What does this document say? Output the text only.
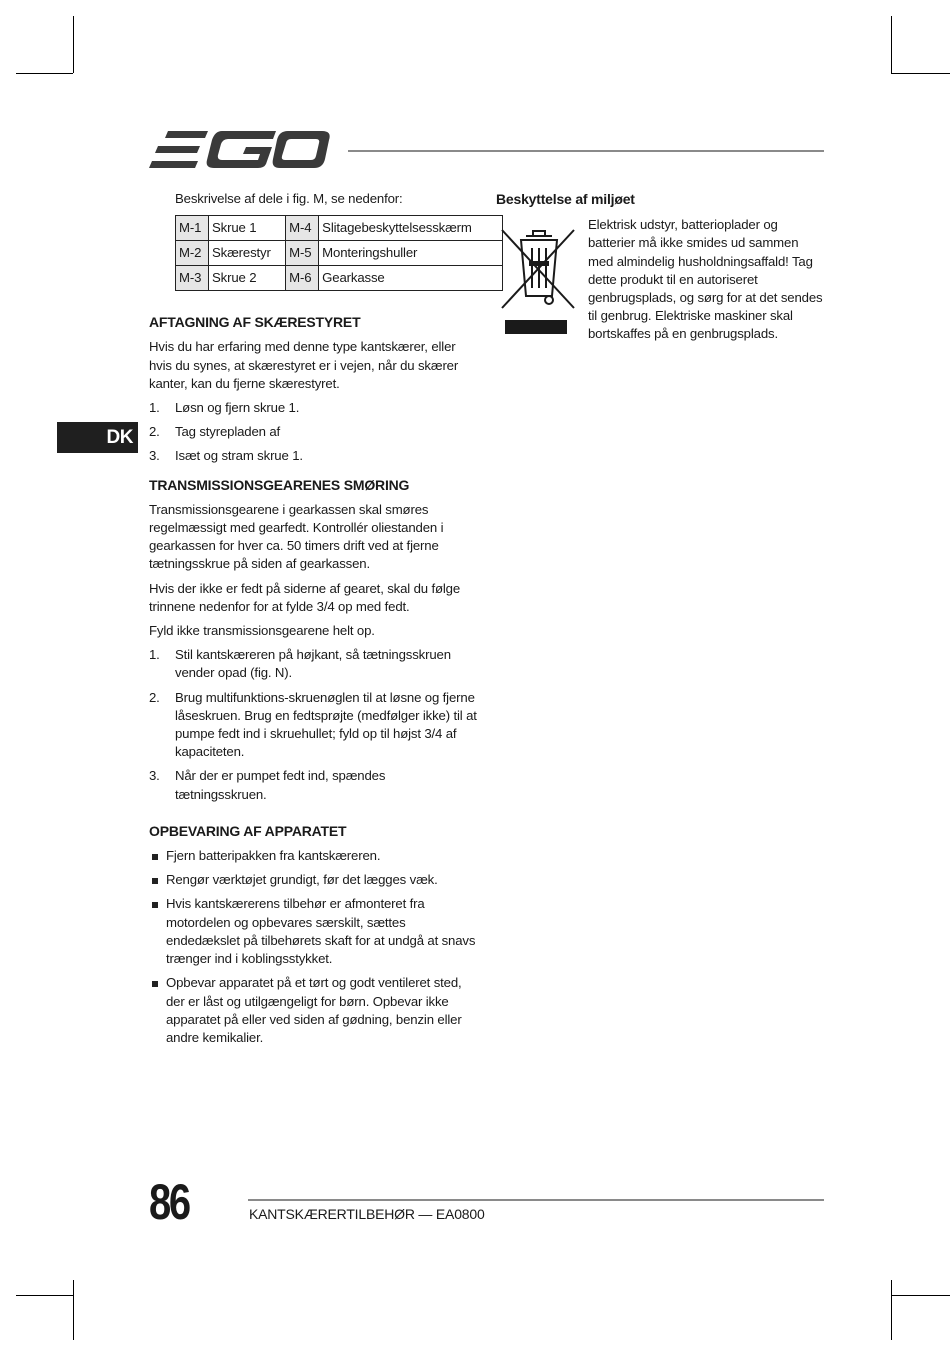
DK

Beskrivelse af dele i fig. M, se nedenfor:

M-1	Skrue 1	M-4	Slitagebeskyttelsesskærm
M-2	Skærestyr	M-5	Monteringshuller
M-3	Skrue 2	M-6	Gearkasse
AFTAGNING AF SKÆRESTYRET

Hvis du har erfaring med denne type kantskærer, eller hvis du synes, at skærestyret er i vejen, når du skærer kanter, kan du fjerne skærestyret.

1. Løsn og fjern skrue 1.
2. Tag styrepladen af
3. Isæt og stram skrue 1.
TRANSMISSIONSGEARENES SMØRING

Transmissionsgearene i gearkassen skal smøres regelmæssigt med gearfedt. Kontrollér oliestanden i gearkassen for hver ca. 50 timers drift ved at fjerne tætningsskrue på siden af gearkassen.

Hvis der ikke er fedt på siderne af gearet, skal du følge trinnene nedenfor for at fylde 3/4 op med fedt.

Fyld ikke transmissionsgearene helt op.

1. Stil kantskæreren på højkant, så tætningsskruen vender opad (fig. N).
2. Brug multifunktions-skruenøglen til at løsne og fjerne låseskruen. Brug en fedtsprøjte (medfølger ikke) til at pumpe fedt ind i skruehullet; fyld op til højst 3/4 af kapaciteten.
3. Når der er pumpet fedt ind, spændes tætningsskruen.
OPBEVARING AF APPARATET
Fjern batteripakken fra kantskæreren.
Rengør værktøjet grundigt, før det lægges væk.
Hvis kantskærerens tilbehør er afmonteret fra motordelen og opbevares særskilt, sættes endedækslet på tilbehørets skaft for at undgå at snavs trænger ind i koblingsstykket.
Opbevar apparatet på et tørt og godt ventileret sted, der er låst og utilgængeligt for børn. Opbevar ikke apparatet på eller ved siden af gødning, benzin eller andre kemikalier.
Beskyttelse af miljøet

Elektrisk udstyr, batterioplader og batterier må ikke smides ud sammen med almindelig husholdningsaffald! Tag dette produkt til en autoriseret genbrugsplads, og sørg for at det sendes til genbrug. Elektriske maskiner skal bortskaffes på en genbrugsplads.

86	KANTSKÆRERTILBEHØR — EA0800
